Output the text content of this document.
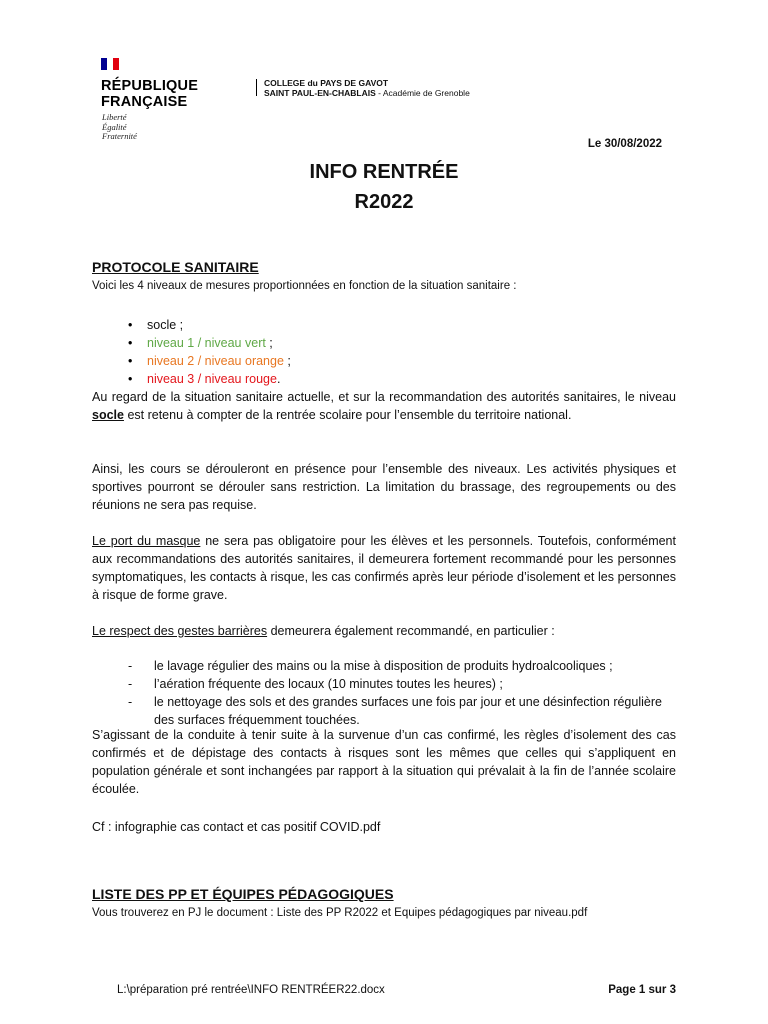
RÉPUBLIQUE
FRANÇAISE
Liberté
Égalité
Fraternité
COLLEGE du PAYS DE GAVOT
SAINT PAUL-EN-CHABLAIS - Académie de Grenoble
Le 30/08/2022
INFO RENTRÉE
R2022
PROTOCOLE SANITAIRE
Voici les 4 niveaux de mesures proportionnées en fonction de la situation sanitaire :
• socle ;
• niveau 1 / niveau vert ;
• niveau 2 / niveau orange ;
• niveau 3 / niveau rouge.
Au regard de la situation sanitaire actuelle, et sur la recommandation des autorités sanitaires, le niveau socle est retenu à compter de la rentrée scolaire pour l’ensemble du territoire national.
Ainsi, les cours se dérouleront en présence pour l’ensemble des niveaux. Les activités physiques et sportives pourront se dérouler sans restriction. La limitation du brassage, des regroupements ou des réunions ne sera pas requise.
Le port du masque ne sera pas obligatoire pour les élèves et les personnels. Toutefois, conformément aux recommandations des autorités sanitaires, il demeurera fortement recommandé pour les personnes symptomatiques, les contacts à risque, les cas confirmés après leur période d’isolement et les personnes à risque de forme grave.
Le respect des gestes barrières demeurera également recommandé, en particulier :
- le lavage régulier des mains ou la mise à disposition de produits hydroalcooliques ;
- l’aération fréquente des locaux (10 minutes toutes les heures) ;
- le nettoyage des sols et des grandes surfaces une fois par jour et une désinfection régulière des surfaces fréquemment touchées.
S’agissant de la conduite à tenir suite à la survenue d’un cas confirmé, les règles d’isolement des cas confirmés et de dépistage des contacts à risques sont les mêmes que celles qui s’appliquent en population générale et sont inchangées par rapport à la situation qui prévalait à la fin de l’année scolaire écoulée.
Cf : infographie cas contact et cas positif COVID.pdf
LISTE DES PP ET ÉQUIPES PÉDAGOGIQUES
Vous trouverez en PJ le document : Liste des PP R2022 et Equipes pédagogiques par niveau.pdf
L:\préparation pré rentrée\INFO RENTRÉER22.docx	Page 1 sur 3
